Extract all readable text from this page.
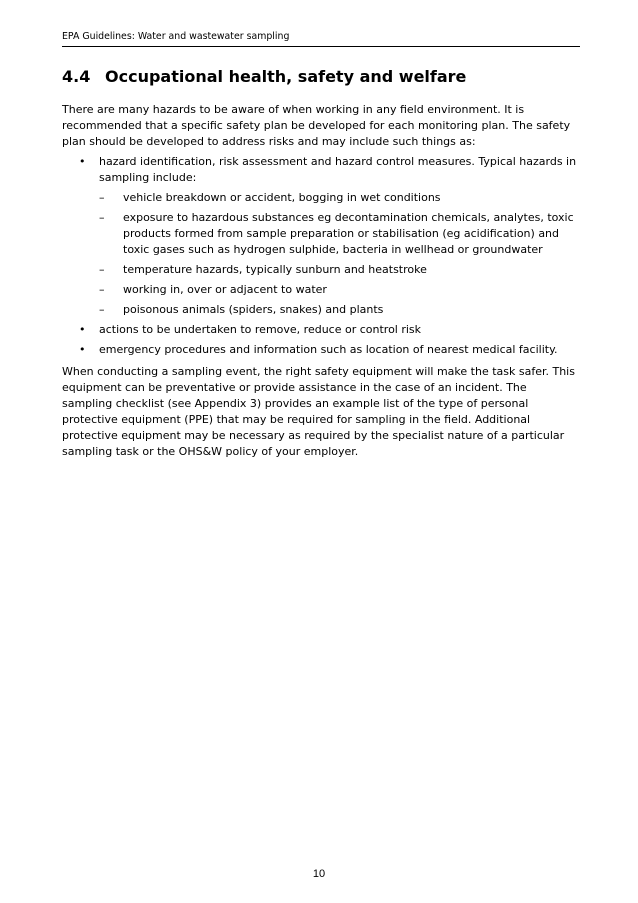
EPA Guidelines: Water and wastewater sampling
4.4 Occupational health, safety and welfare

There are many hazards to be aware of when working in any field environment. It is recommended that a specific safety plan be developed for each monitoring plan. The safety plan should be developed to address risks and may include such things as:

• hazard identification, risk assessment and hazard control measures. Typical hazards in sampling include:
– vehicle breakdown or accident, bogging in wet conditions
– exposure to hazardous substances eg decontamination chemicals, analytes, toxic products formed from sample preparation or stabilisation (eg acidification) and toxic gases such as hydrogen sulphide, bacteria in wellhead or groundwater
– temperature hazards, typically sunburn and heatstroke
– working in, over or adjacent to water
– poisonous animals (spiders, snakes) and plants
• actions to be undertaken to remove, reduce or control risk
• emergency procedures and information such as location of nearest medical facility.

When conducting a sampling event, the right safety equipment will make the task safer. This equipment can be preventative or provide assistance in the case of an incident. The sampling checklist (see Appendix 3) provides an example list of the type of personal protective equipment (PPE) that may be required for sampling in the field. Additional protective equipment may be necessary as required by the specialist nature of a particular sampling task or the OHS&W policy of your employer.

10
